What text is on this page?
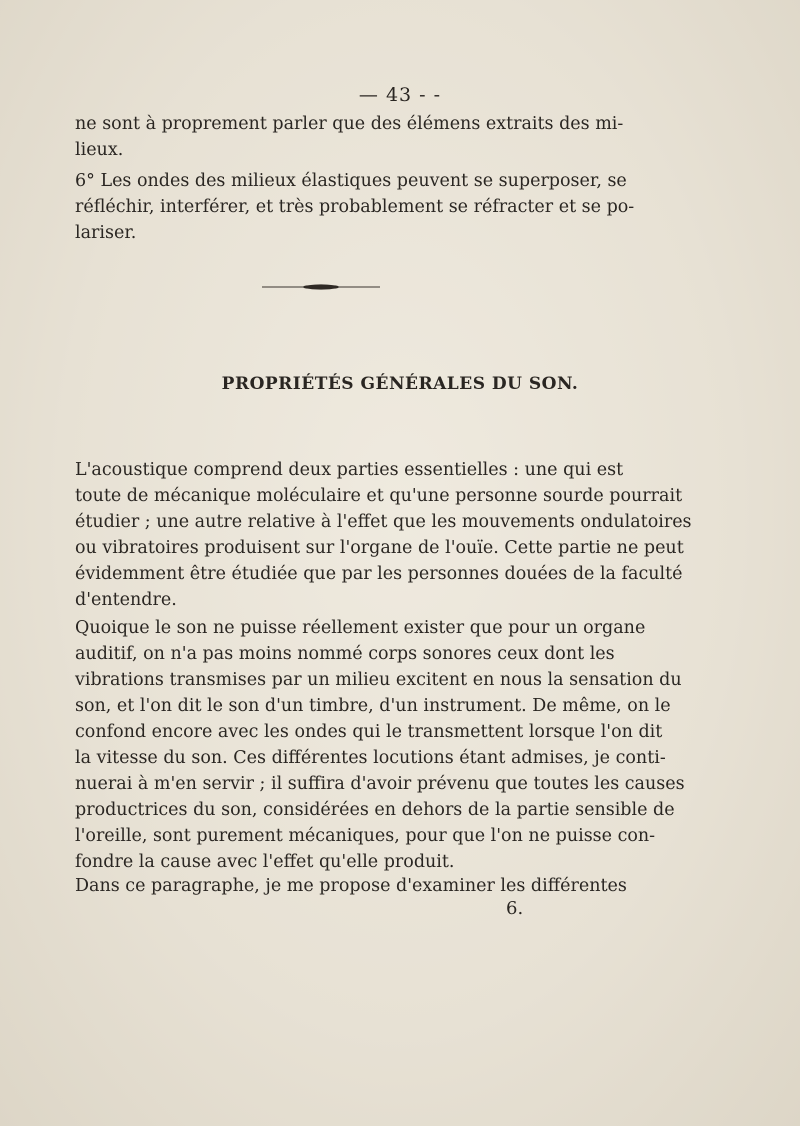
— 43 - -
ne sont à proprement parler que des élémens extraits des mi-
lieux.
6° Les ondes des milieux élastiques peuvent se superposer, se
réfléchir, interférer, et très probablement se réfracter et se po-
lariser.
PROPRIÉTÉS GÉNÉRALES DU SON.
L'acoustique comprend deux parties essentielles : une qui est
toute de mécanique moléculaire et qu'une personne sourde pourrait
étudier ; une autre relative à l'effet que les mouvements ondulatoires
ou vibratoires produisent sur l'organe de l'ouïe. Cette partie ne peut
évidemment être étudiée que par les personnes douées de la faculté
d'entendre.
Quoique le son ne puisse réellement exister que pour un organe
auditif, on n'a pas moins nommé corps sonores ceux dont les
vibrations transmises par un milieu excitent en nous la sensation du
son, et l'on dit le son d'un timbre, d'un instrument. De même, on le
confond encore avec les ondes qui le transmettent lorsque l'on dit
la vitesse du son. Ces différentes locutions étant admises, je conti-
nuerai à m'en servir ; il suffira d'avoir prévenu que toutes les causes
productrices du son, considérées en dehors de la partie sensible de
l'oreille, sont purement mécaniques, pour que l'on ne puisse con-
fondre la cause avec l'effet qu'elle produit.
Dans ce paragraphe, je me propose d'examiner les différentes
6.
